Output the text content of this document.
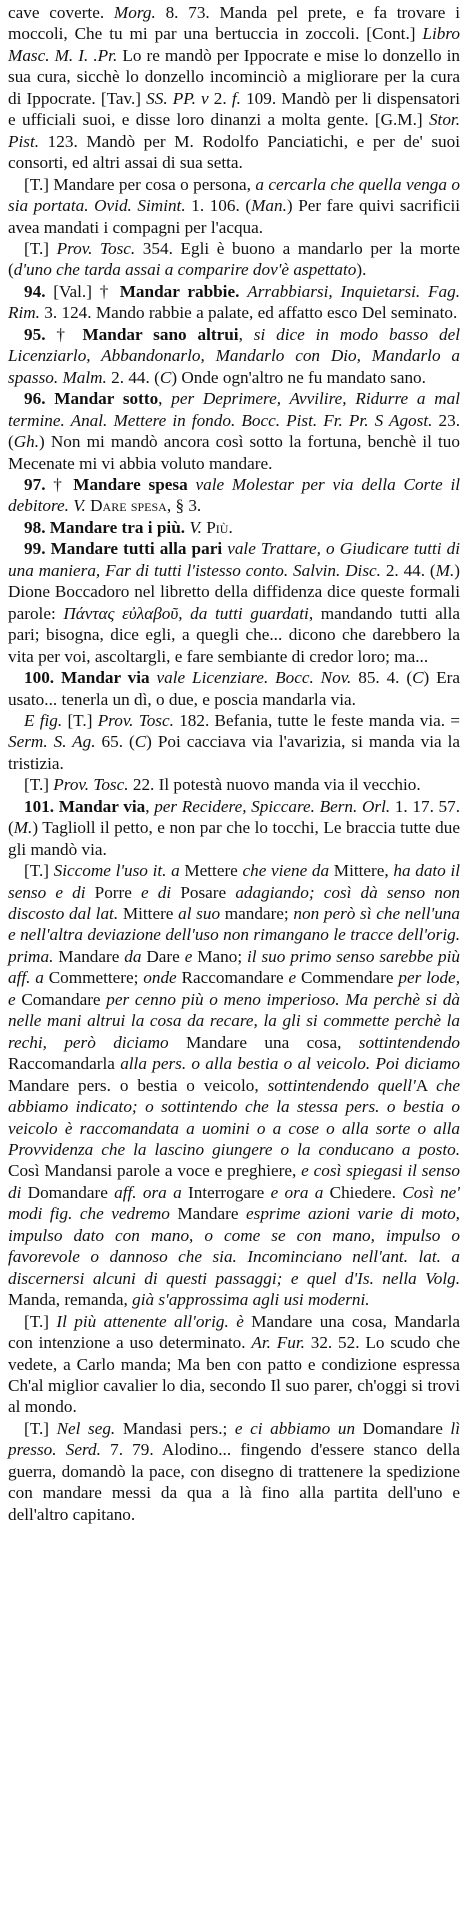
cave coverte. Morg. 8. 73. Manda pel prete, e fa trovare i moccoli, Che tu mi par una bertuccia in zoccoli. [Cont.] Libro Masc. M. I. .Pr. Lo re mandò per Ippocrate e mise lo donzello in sua cura, sicchè lo donzello incominciò a migliorare per la cura di Ippocrate. [Tav.] SS. PP. v 2. f. 109. Mandò per li dispensatori e ufficiali suoi, e disse loro dinanzi a molta gente. [G.M.] Stor. Pist. 123. Mandò per M. Rodolfo Panciatichi, e per de' suoi consorti, ed altri assai di sua setta.

[T.] Mandare per cosa o persona, a cercarla che quella venga o sia portata. Ovid. Simint. 1. 106. (Man.) Per fare quivi sacrificii avea mandati i compagni per l'acqua.

[T.] Prov. Tosc. 354. Egli è buono a mandarlo per la morte (d'uno che tarda assai a comparire dov'è aspettato).

94. [Val.] † Mandar rabbie. Arrabbiarsi, Inquietarsi. Fag. Rim. 3. 124. Mando rabbie a palate, ed affatto esco Del seminato.

95. † Mandar sano altrui, si dice in modo basso del Licenziarlo, Abbandonarlo, Mandarlo con Dio, Mandarlo a spasso. Malm. 2. 44. (C) Onde ogn'altro ne fu mandato sano.

96. Mandar sotto, per Deprimere, Avvilire, Ridurre a mal termine. Anal. Mettere in fondo. Bocc. Pist. Fr. Pr. S Agost. 23. (Gh.) Non mi mandò ancora così sotto la fortuna, benchè il tuo Mecenate mi vi abbia voluto mandare.

97. † Mandare spesa vale Molestar per via della Corte il debitore. V. Dare spesa, § 3.

98. Mandare tra i più. V. Più.

99. Mandare tutti alla pari vale Trattare, o Giudicare tutti di una maniera, Far di tutti l'istesso conto. Salvin. Disc. 2. 44. (M.) Dione Boccadoro nel libretto della diffidenza dice queste formali parole: Πάντας εὐλαβοῦ, da tutti guardati, mandando tutti alla pari; bisogna, dice egli, a quegli che... dicono che darebbero la vita per voi, ascoltargli, e fare sembiante di credor loro; ma...

100. Mandar via vale Licenziare. Bocc. Nov. 85. 4. (C) Era usato... tenerla un dì, o due, e poscia mandarla via.

E fig. [T.] Prov. Tosc. 182. Befania, tutte le feste manda via. = Serm. S. Ag. 65. (C) Poi cacciava via l'avarizia, si manda via la tristizia.

[T.] Prov. Tosc. 22. Il potestà nuovo manda via il vecchio.

101. Mandar via, per Recidere, Spiccare. Bern. Orl. 1. 17. 57. (M.) Taglioll il petto, e non par che lo tocchi, Le braccia tutte due gli mandò via.

[T.] Siccome l'uso it. a Mettere che viene da Mittere, ha dato il senso e di Porre e di Posare adagiando; così dà senso non discosto dal lat. Mittere al suo mandare; non però sì che nell'una e nell'altra deviazione dell'uso non rimangano le tracce dell'orig. prima. Mandare da Dare e Mano; il suo primo senso sarebbe più aff. a Commettere; onde Raccomandare e Commendare per lode, e Comandare per cenno più o meno imperioso. Ma perchè si dà nelle mani altrui la cosa da recare, la gli si commette perchè la rechi, però diciamo Mandare una cosa, sottintendendo Raccomandarla alla pers. o alla bestia o al veicolo. Poi diciamo Mandare pers. o bestia o veicolo, sottintendendo quell'A che abbiamo indicato; o sottintendo che la stessa pers. o bestia o veicolo è raccomandata a uomini o a cose o alla sorte o alla Provvidenza che la lascino giungere o la conducano a posto. Così Mandansi parole a voce e preghiere, e così spiegasi il senso di Domandare aff. ora a Interrogare e ora a Chiedere. Così ne' modi fig. che vedremo Mandare esprime azioni varie di moto, impulso dato con mano, o come se con mano, impulso o favorevole o dannoso che sia. Incominciano nell'ant. lat. a discernersi alcuni di questi passaggi; e quel d'Is. nella Volg. Manda, remanda, già s'approssima agli usi moderni.

[T.] Il più attenente all'orig. è Mandare una cosa, Mandarla con intenzione a uso determinato. Ar. Fur. 32. 52. Lo scudo che vedete, a Carlo manda; Ma ben con patto e condizione espressa Ch'al miglior cavalier lo dia, secondo Il suo parer, ch'oggi si trovi al mondo.

[T.] Nel seg. Mandasi pers.; e ci abbiamo un Domandare lì presso. Serd. 7. 79. Alodino... fingendo d'essere stanco della guerra, domandò la pace, con disegno di trattenere la spedizione con mandare messi da qua a là fino alla partita dell'uno e dell'altro capitano.
